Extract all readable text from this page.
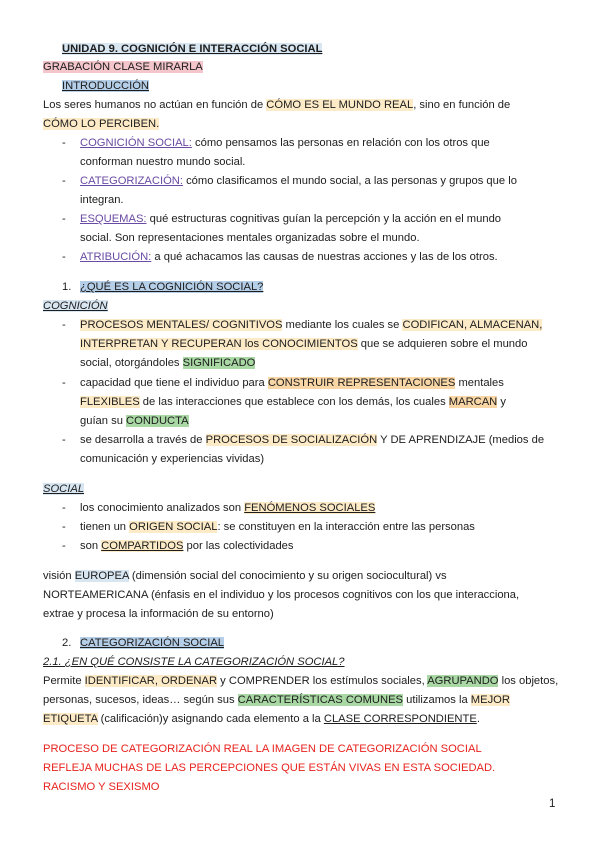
UNIDAD 9. COGNICIÓN E INTERACCIÓN SOCIAL
GRABACIÓN CLASE MIRARLA
INTRODUCCIÓN
Los seres humanos no actúan en función de CÓMO ES EL MUNDO REAL, sino en función de
CÓMO LO PERCIBEN.
- COGNICIÓN SOCIAL: cómo pensamos las personas en relación con los otros que
conforman nuestro mundo social.
- CATEGORIZACIÓN: cómo clasificamos el mundo social, a las personas y grupos que lo
integran.
- ESQUEMAS: qué estructuras cognitivas guían la percepción y la acción en el mundo
social. Son representaciones mentales organizadas sobre el mundo.
- ATRIBUCIÓN: a qué achacamos las causas de nuestras acciones y las de los otros.
1. ¿QUÉ ES LA COGNICIÓN SOCIAL?
COGNICIÓN
- PROCESOS MENTALES/ COGNITIVOS mediante los cuales se CODIFICAN, ALMACENAN,
INTERPRETAN Y RECUPERAN los CONOCIMIENTOS que se adquieren sobre el mundo
social, otorgándoles SIGNIFICADO
- capacidad que tiene el individuo para CONSTRUIR REPRESENTACIONES mentales
FLEXIBLES de las interacciones que establece con los demás, los cuales MARCAN y
guían su CONDUCTA
- se desarrolla a través de PROCESOS DE SOCIALIZACIÓN Y DE APRENDIZAJE (medios de
comunicación y experiencias vividas)
SOCIAL
- los conocimiento analizados son FENÓMENOS SOCIALES
- tienen un ORIGEN SOCIAL: se constituyen en la interacción entre las personas
- son COMPARTIDOS por las colectividades
visión EUROPEA (dimensión social del conocimiento y su origen sociocultural) vs
NORTEAMERICANA (énfasis en el individuo y los procesos cognitivos con los que interacciona,
extrae y procesa la información de su entorno)
2. CATEGORIZACIÓN SOCIAL
2.1. ¿EN QUÉ CONSISTE LA CATEGORIZACIÓN SOCIAL?
Permite IDENTIFICAR, ORDENAR y COMPRENDER los estímulos sociales, AGRUPANDO los objetos,
personas, sucesos, ideas… según sus CARACTERÍSTICAS COMUNES utilizamos la MEJOR
ETIQUETA (calificación)y asignando cada elemento a la CLASE CORRESPONDIENTE.
PROCESO DE CATEGORIZACIÓN REAL LA IMAGEN DE CATEGORIZACIÓN SOCIAL
REFLEJA MUCHAS DE LAS PERCEPCIONES QUE ESTÁN VIVAS EN ESTA SOCIEDAD.
RACISMO Y SEXISMO
1
